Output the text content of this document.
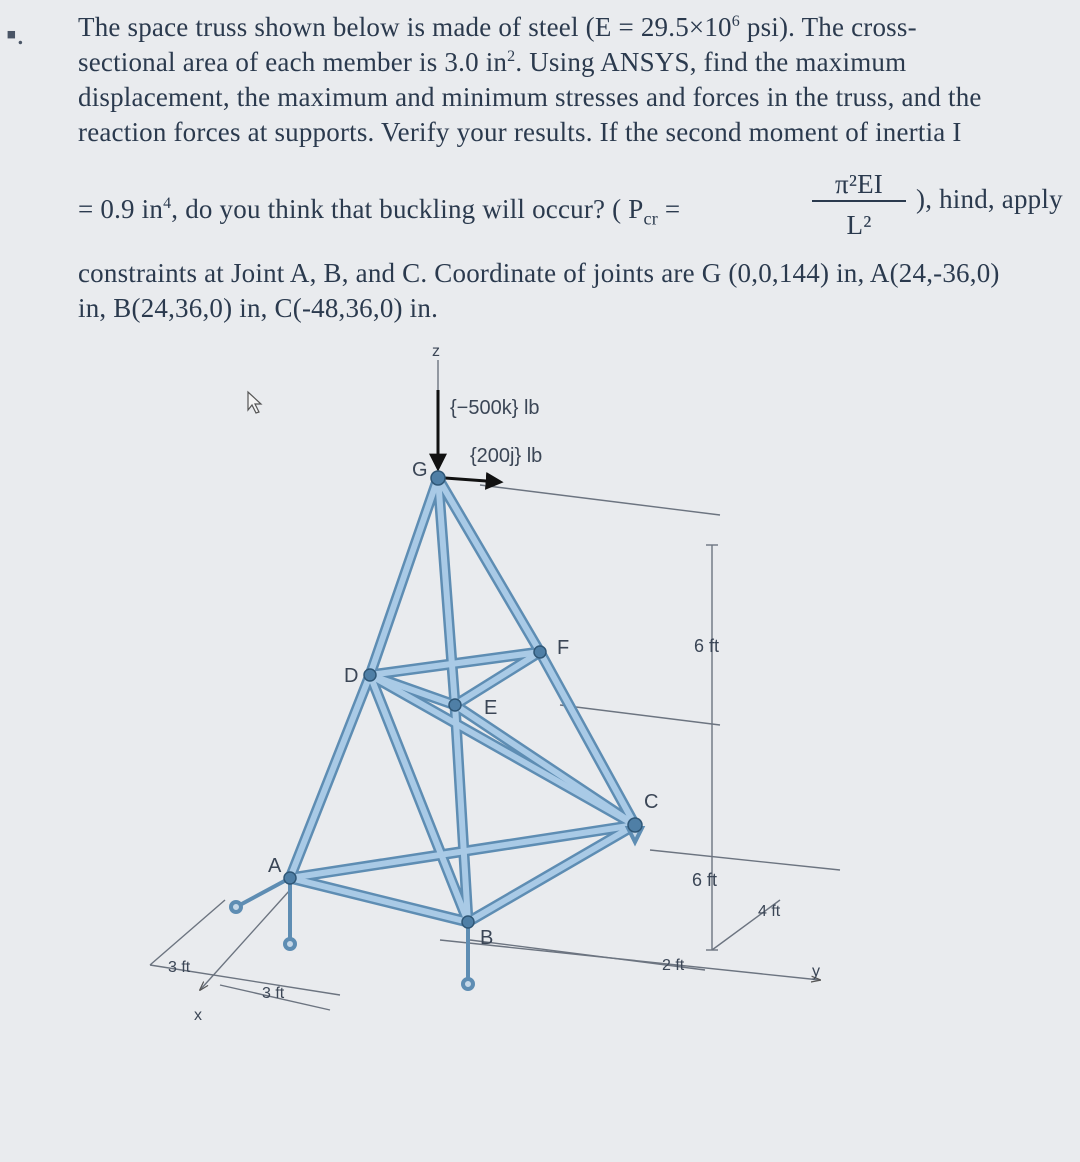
▪. The space truss shown below is made of steel ($E = 29.5\times 10^6$ psi). The cross-sectional area of each member is 3.0 $in^2$. Using ANSYS, find the maximum displacement, the maximum and minimum stresses and forces in the truss, and the reaction forces at supports. Verify your results. If the second moment of inertia I

= 0.9 $in^4$, do you think that buckling will occur? ( $P_{cr}$ =
π²EI
L²
), hind, apply

constraints at Joint A, B, and C. Coordinate of joints are G (0,0,144) in, A(24,-36,0) in, B(24,36,0) in, C(-48,36,0) in.

z
x
y
{−500k} lb
{200j} lb
G
D
E
F
A
B
C
6 ft
6 ft
4 ft
2 ft
3 ft
3 ft
